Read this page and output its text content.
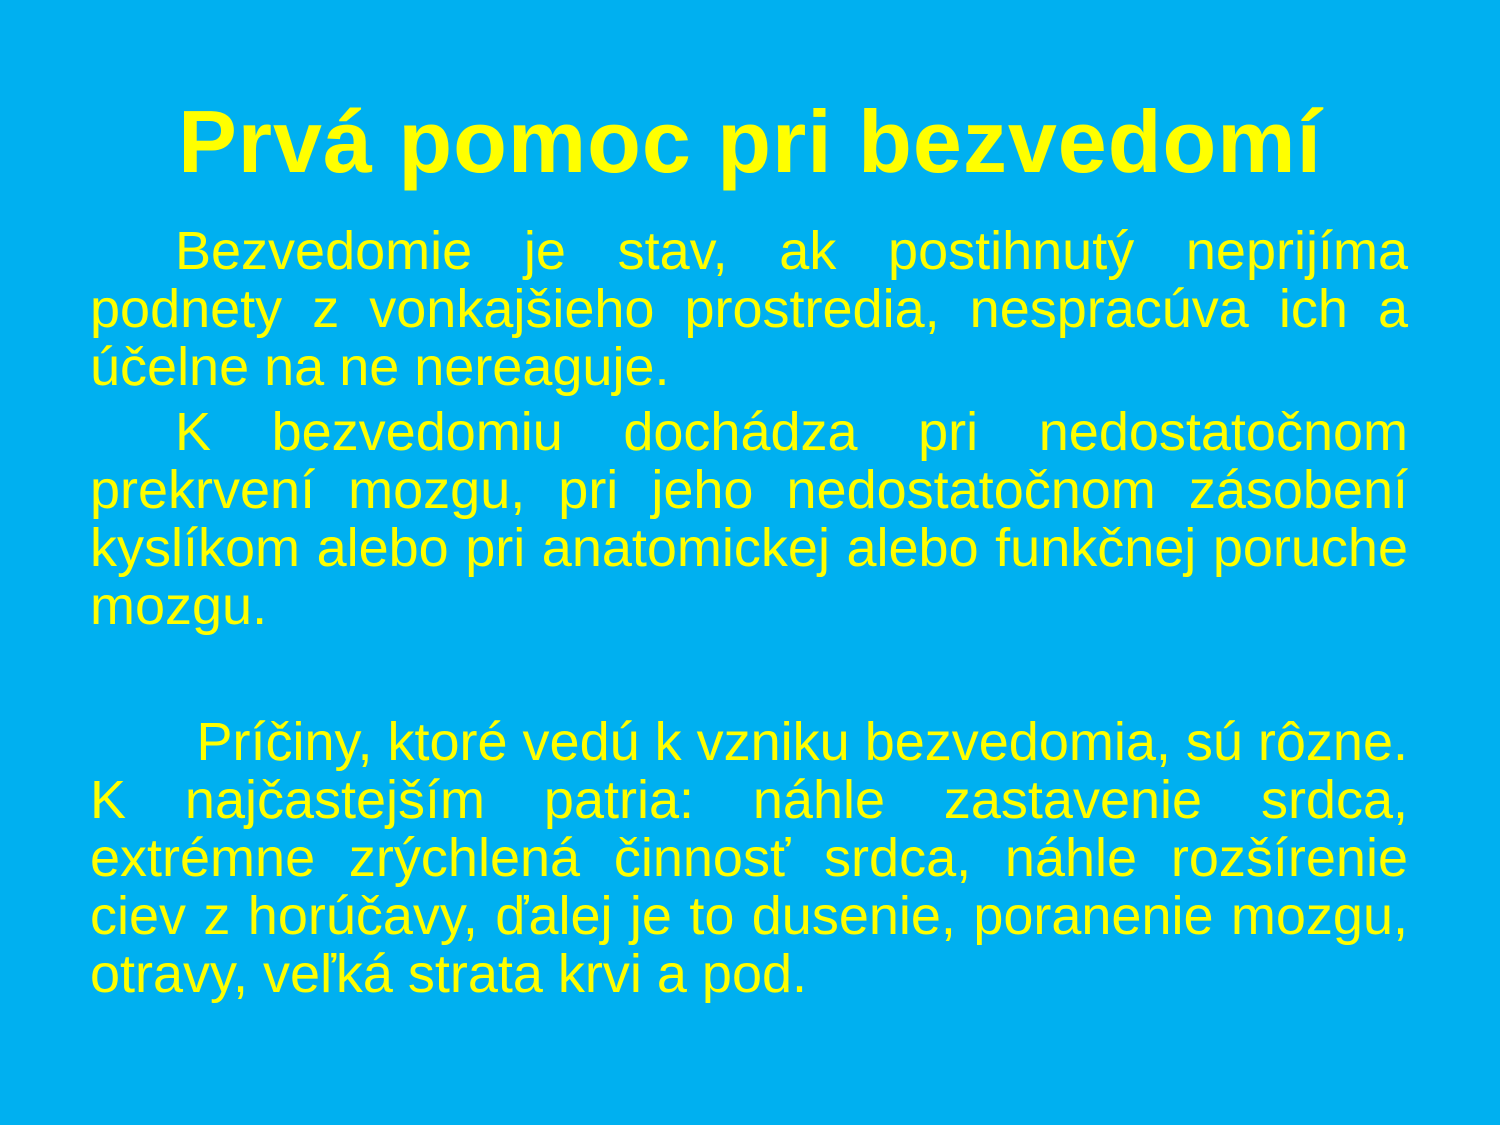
Prvá pomoc pri bezvedomí

Bezvedomie je stav, ak postihnutý neprijíma podnety z vonkajšieho prostredia, nespracúva ich a účelne na ne nereaguje.

K bezvedomiu dochádza pri nedostatočnom prekrvení mozgu, pri jeho nedostatočnom zásobení kyslíkom alebo pri anatomickej alebo funkčnej poruche mozgu.

Príčiny, ktoré vedú k vzniku bezvedomia, sú rôzne.
K najčastejším patria: náhle zastavenie srdca, extrémne zrýchlená činnosť srdca, náhle rozšírenie ciev z horúčavy, ďalej je to dusenie, poranenie mozgu, otravy, veľká strata krvi a pod.
